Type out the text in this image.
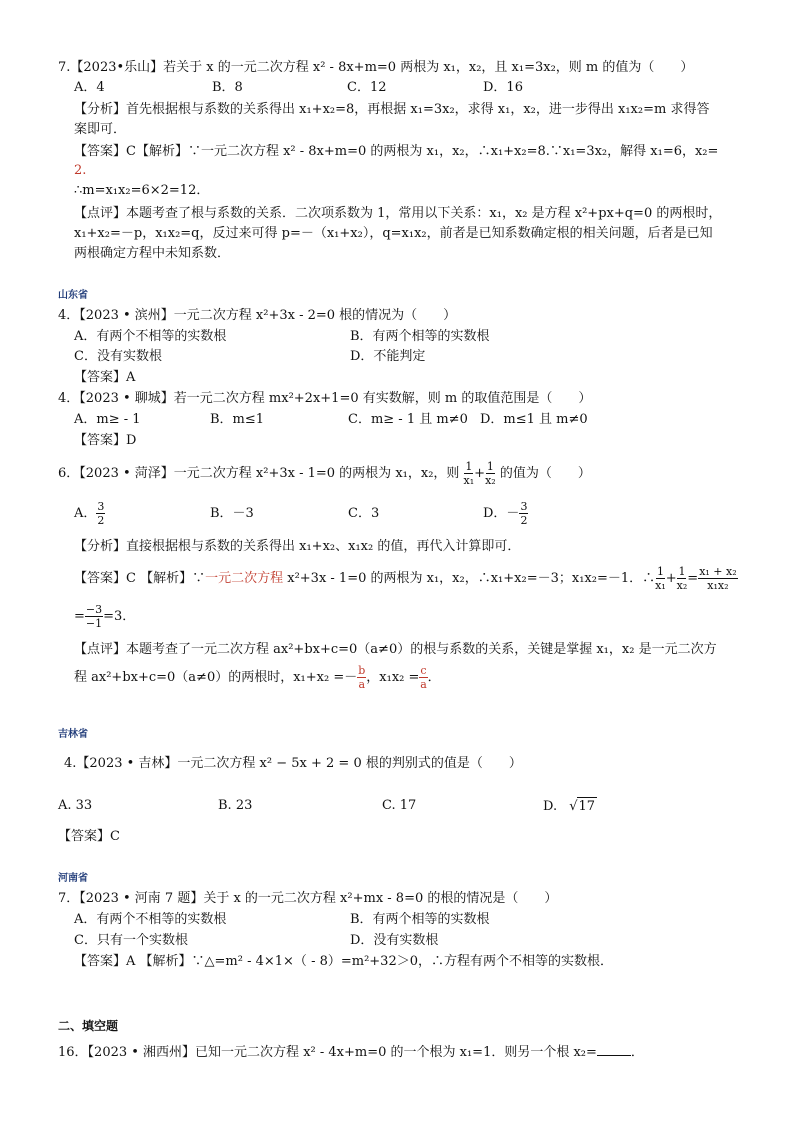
7.【2023•乐山】若关于 x 的一元二次方程 x² - 8x+m=0 两根为 x₁，x₂，且 x₁=3x₂，则 m 的值为（　　）
A．4	B．8	C．12	D．16
【分析】首先根据根与系数的关系得出 x₁+x₂=8，再根据 x₁=3x₂，求得 x₁，x₂，进一步得出 x₁x₂=m 求得答
案即可．
【答案】C【解析】∵一元二次方程 x² - 8x+m=0 的两根为 x₁，x₂，∴x₁+x₂=8.∵x₁=3x₂，解得 x₁=6，x₂=
2.
∴m=x₁x₂=6×2=12．
【点评】本题考查了根与系数的关系．二次项系数为 1，常用以下关系：x₁，x₂ 是方程 x²+px+q=0 的两根时，
x₁+x₂=－p，x₁x₂=q，反过来可得 p=－（x₁+x₂），q=x₁x₂，前者是已知系数确定根的相关问题，后者是已知
两根确定方程中未知系数．
山东省
4．【2023 • 滨州】一元二次方程 x²+3x - 2=0 根的情况为（　　）
A．有两个不相等的实数根	B．有两个相等的实数根
C．没有实数根	D．不能判定
【答案】A
4．【2023 • 聊城】若一元二次方程 mx²+2x+1=0 有实数解，则 m 的取值范围是（　　）
A．m≥ - 1	B．m≤1	C．m≥ - 1 且 m≠0 D．m≤1 且 m≠0
【答案】D
6．【2023 • 菏泽】一元二次方程 x²+3x - 1=0 的两根为 x₁，x₂，则 $\frac{1}{\text{x₁}} + \frac{1}{\text{x₂}}$ 的值为（　　）
A． $\frac{3}{2}$	B．－3	C．3	D．－ $\frac{3}{2}$
【分析】直接根据根与系数的关系得出 x₁+x₂、x₁x₂ 的值，再代入计算即可．
【答案】C 【解析】∵一元二次方程 x²+3x - 1=0 的两根为 x₁，x₂，∴x₁+x₂=－3；x₁x₂=－1．∴ $\frac{1}{\text{x₁}} + \frac{1}{\text{x₂}} = \frac{\text{x₁ + x₂}}{\text{x₁x₂}}$
= $\frac{-3}{-1} =3$．
【点评】本题考查了一元二次方程 ax²+bx+c=0（a≠0）的根与系数的关系，关键是掌握 x₁，x₂ 是一元二次方
程 ax²+bx+c=0（a≠0）的两根时，$x_1+x_2 =- \frac{b}{a}$ ，$x_1x_2 = \frac{c}{a}$ ．
吉林省
4.【2023 • 吉林】一元二次方程 x² − 5x + 2 = 0 根的判别式的值是（　　）
A. 33	B. 23	C. 17	D. √17
【答案】C
河南省
7．【2023 • 河南 7 题】关于 x 的一元二次方程 x²+mx - 8=0 的根的情况是（　　）
A．有两个不相等的实数根	B．有两个相等的实数根
C．只有一个实数根	D．没有实数根
【答案】A 【解析】∵△=m² - 4×1×（ - 8）=m²+32＞0，∴方程有两个不相等的实数根．
二、填空题
16．【2023 • 湘西州】已知一元二次方程 x² - 4x+m=0 的一个根为 x₁=1．则另一个根 x₂=	．
